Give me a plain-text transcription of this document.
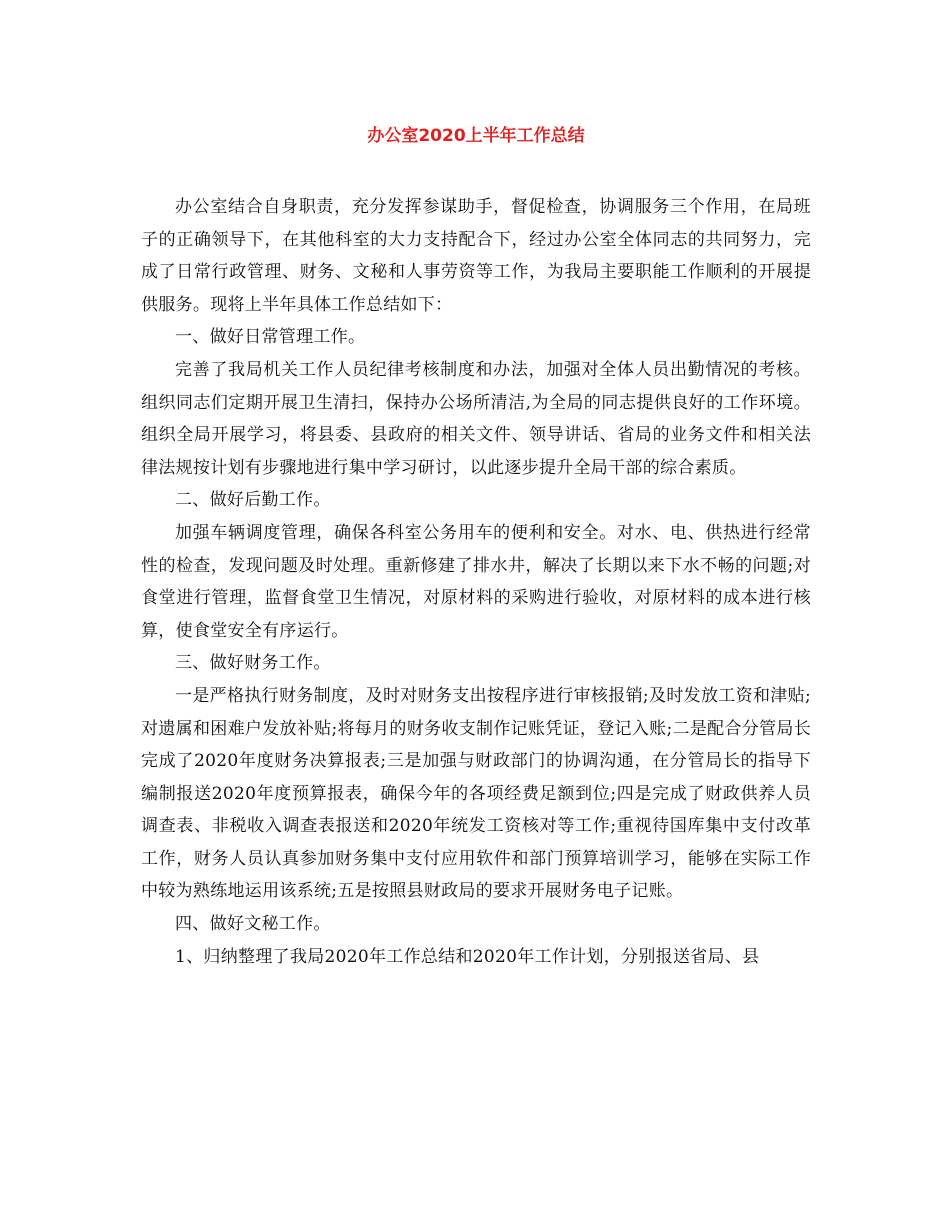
办公室2020上半年工作总结

办公室结合自身职责，充分发挥参谋助手，督促检查，协调服务三个作用，在局班子的正确领导下，在其他科室的大力支持配合下，经过办公室全体同志的共同努力，完成了日常行政管理、财务、文秘和人事劳资等工作，为我局主要职能工作顺利的开展提供服务。现将上半年具体工作总结如下：

一、做好日常管理工作。

完善了我局机关工作人员纪律考核制度和办法，加强对全体人员出勤情况的考核。组织同志们定期开展卫生清扫，保持办公场所清洁,为全局的同志提供良好的工作环境。组织全局开展学习，将县委、县政府的相关文件、领导讲话、省局的业务文件和相关法律法规按计划有步骤地进行集中学习研讨，以此逐步提升全局干部的综合素质。

二、做好后勤工作。

加强车辆调度管理，确保各科室公务用车的便利和安全。对水、电、供热进行经常性的检查，发现问题及时处理。重新修建了排水井，解决了长期以来下水不畅的问题;对食堂进行管理，监督食堂卫生情况，对原材料的采购进行验收，对原材料的成本进行核算，使食堂安全有序运行。

三、做好财务工作。

一是严格执行财务制度，及时对财务支出按程序进行审核报销;及时发放工资和津贴;对遗属和困难户发放补贴;将每月的财务收支制作记账凭证，登记入账;二是配合分管局长完成了2020年度财务决算报表;三是加强与财政部门的协调沟通，在分管局长的指导下编制报送2020年度预算报表，确保今年的各项经费足额到位;四是完成了财政供养人员调查表、非税收入调查表报送和2020年统发工资核对等工作;重视待国库集中支付改革工作，财务人员认真参加财务集中支付应用软件和部门预算培训学习，能够在实际工作中较为熟练地运用该系统;五是按照县财政局的要求开展财务电子记账。

四、做好文秘工作。

1、归纳整理了我局2020年工作总结和2020年工作计划，分别报送省局、县
